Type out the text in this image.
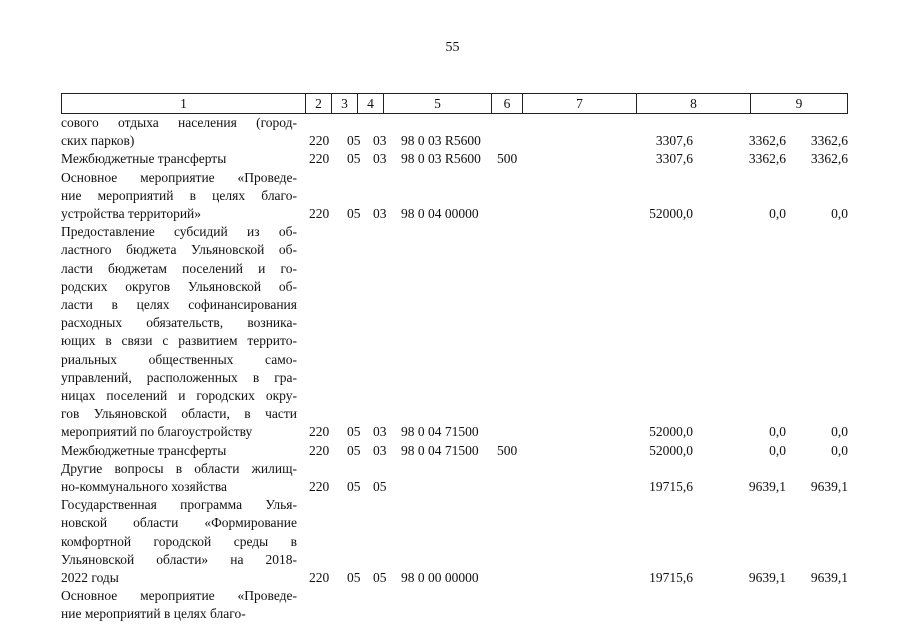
55
1	2	3	4	5	6	7	8	9
сового отдыха населения (город-
ских парков)	220 05 03 98 0 03 R5600	3307,6	3362,6 3362,6
Межбюджетные трансферты	220 05 03 98 0 03 R5600 500	3307,6	3362,6 3362,6
Основное мероприятие «Проведе-
ние мероприятий в целях благо-
устройства территорий»	220 05 03 98 0 04 00000	52000,0	0,0	0,0
Предоставление субсидий из об-
ластного бюджета Ульяновской об-
ласти бюджетам поселений и го-
родских округов Ульяновской об-
ласти в целях софинансирования
расходных обязательств, возника-
ющих в связи с развитием террито-
риальных общественных само-
управлений, расположенных в гра-
ницах поселений и городских окру-
гов Ульяновской области, в части
мероприятий по благоустройству	220 05 03 98 0 04 71500	52000,0	0,0	0,0
Межбюджетные трансферты	220 05 03 98 0 04 71500 500	52000,0	0,0	0,0
Другие вопросы в области жилищ-
но-коммунального хозяйства	220 05 05	19715,6	9639,1 9639,1
Государственная программа Улья-
новской области «Формирование
комфортной городской среды в
Ульяновской области» на 2018-
2022 годы	220 05 05 98 0 00 00000	19715,6	9639,1 9639,1
Основное мероприятие «Проведе-
ние мероприятий в целях благо-
